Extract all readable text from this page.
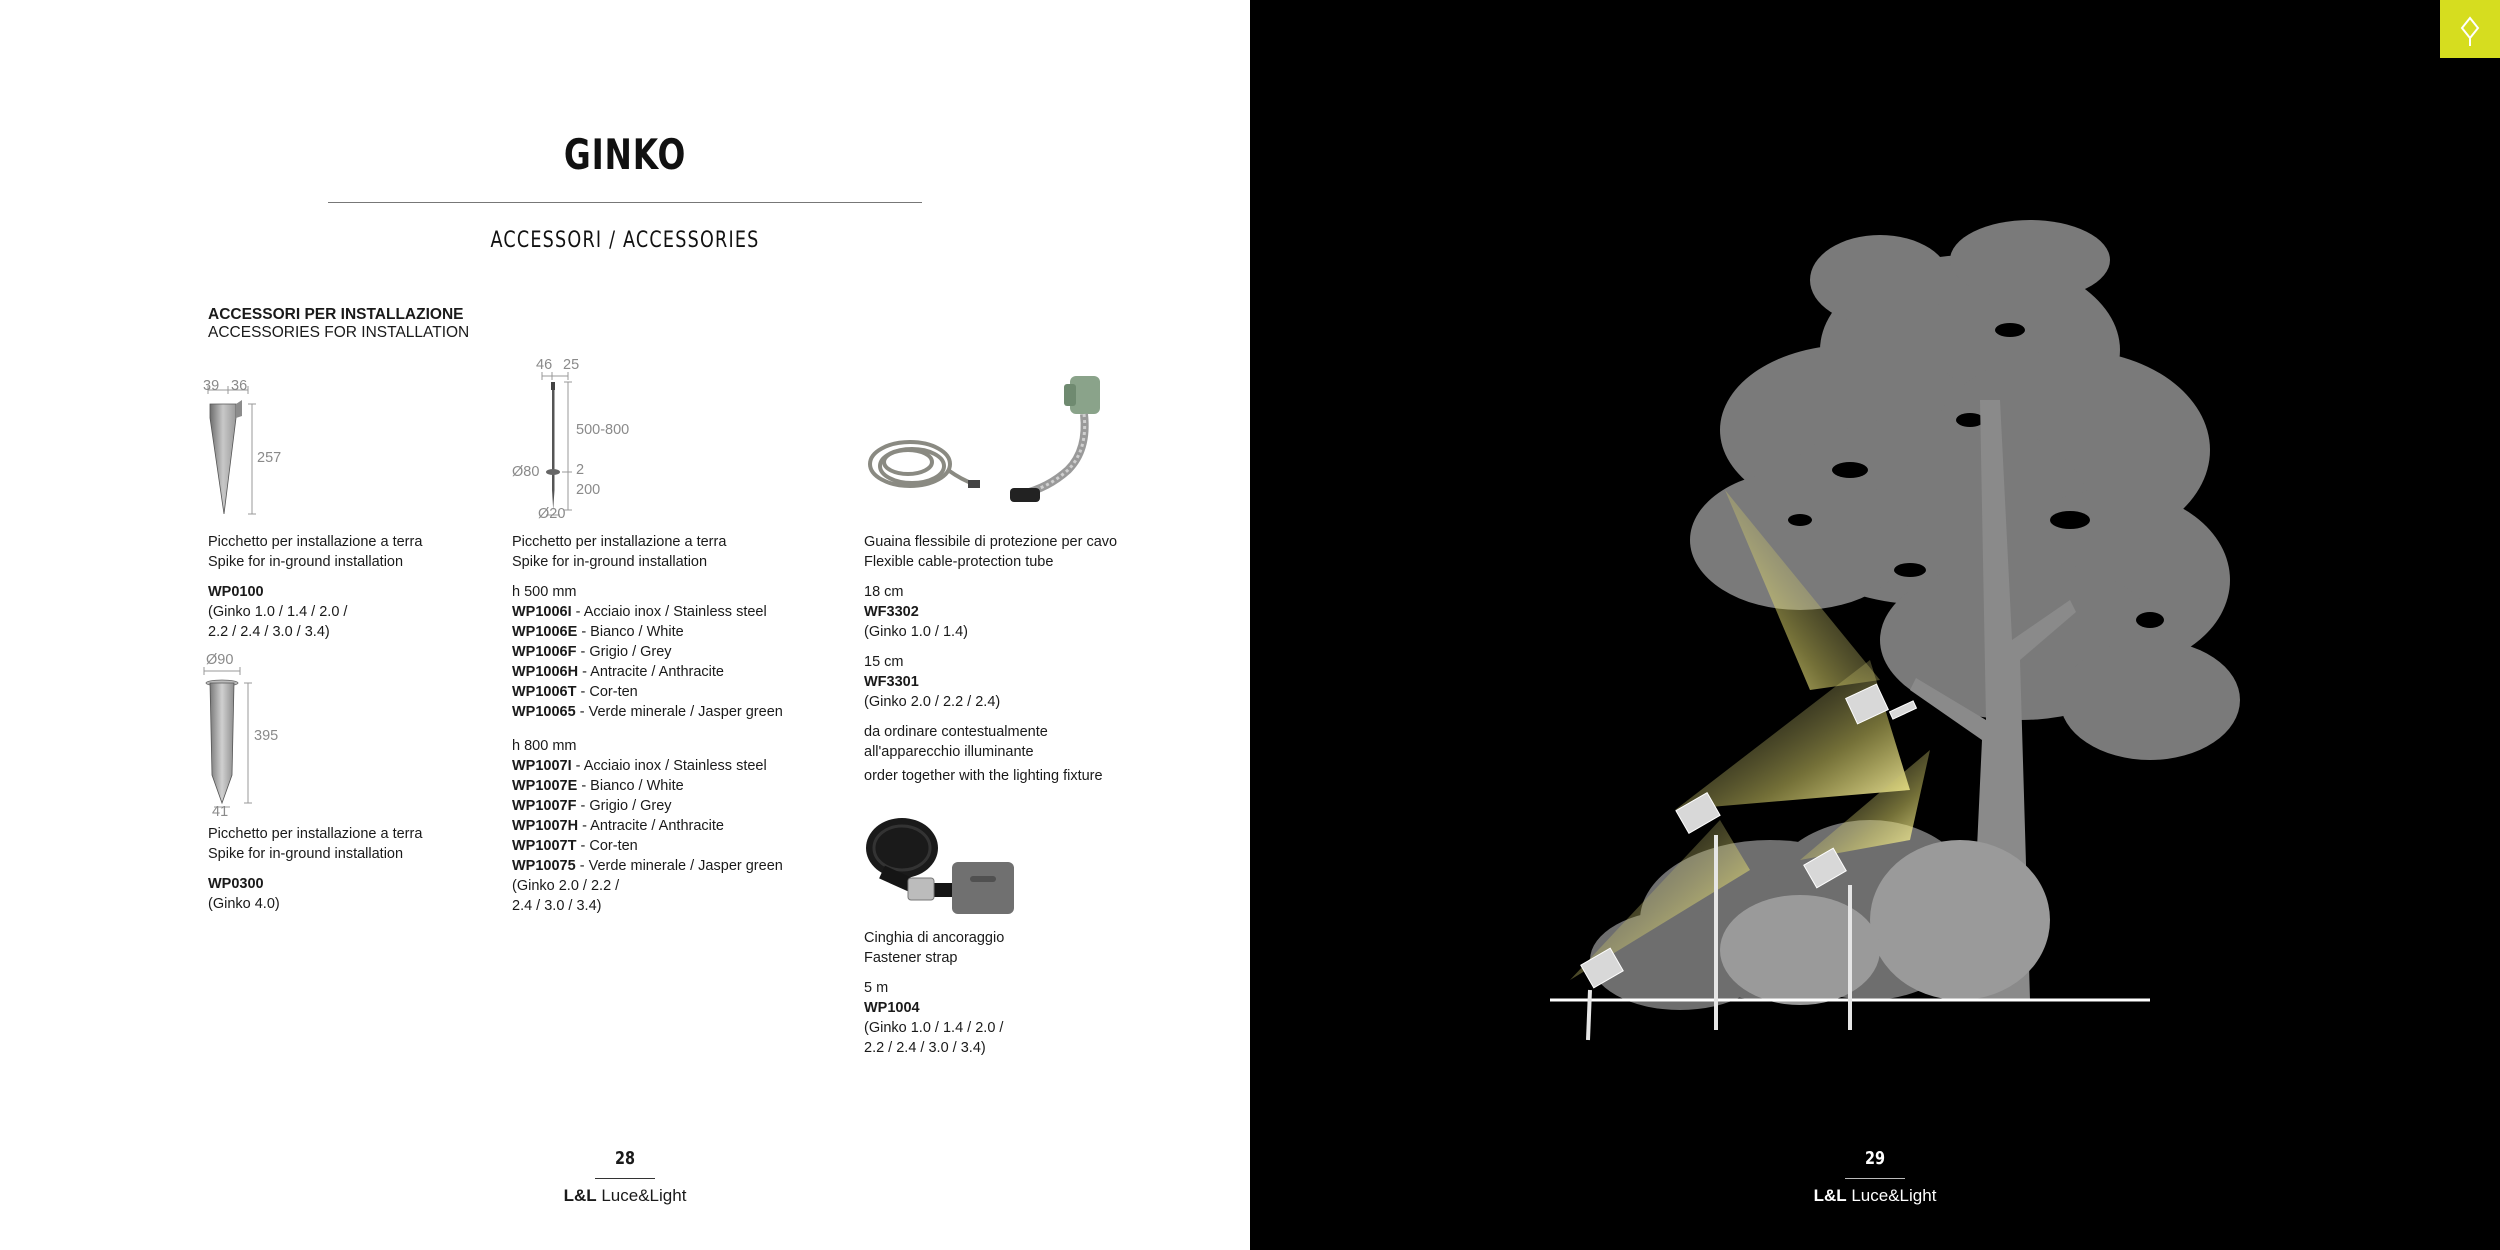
GINKO
ACCESSORI / ACCESSORIES
ACCESSORI PER INSTALLAZIONE
ACCESSORIES FOR INSTALLATION
39 36
257
Picchetto per installazione a terra
Spike for in-ground installation
WP0100
(Ginko 1.0 / 1.4 / 2.0 /
2.2 / 2.4 / 3.0 / 3.4)
Ø90
395
41
Picchetto per installazione a terra
Spike for in-ground installation
WP0300
(Ginko 4.0)
46 25
500-800
Ø80	2
200
Ø20
Picchetto per installazione a terra
Spike for in-ground installation
h 500 mm
WP1006I - Acciaio inox / Stainless steel
WP1006E - Bianco / White
WP1006F - Grigio / Grey
WP1006H - Antracite / Anthracite
WP1006T - Cor-ten
WP10065 - Verde minerale / Jasper green
h 800 mm
WP1007I - Acciaio inox / Stainless steel
WP1007E - Bianco / White
WP1007F - Grigio / Grey
WP1007H - Antracite / Anthracite
WP1007T - Cor-ten
WP10075 - Verde minerale / Jasper green
(Ginko 2.0 / 2.2 /
2.4 / 3.0 / 3.4)
Guaina flessibile di protezione per cavo
Flexible cable-protection tube
18 cm
WF3302
(Ginko 1.0 / 1.4)
15 cm
WF3301
(Ginko 2.0 / 2.2 / 2.4)
da ordinare contestualmente
all'apparecchio illuminante
order together with the lighting fixture
Cinghia di ancoraggio
Fastener strap
5 m
WP1004
(Ginko 1.0 / 1.4 / 2.0 /
2.2 / 2.4 / 3.0 / 3.4)
28
L&L Luce&Light
29
L&L Luce&Light
